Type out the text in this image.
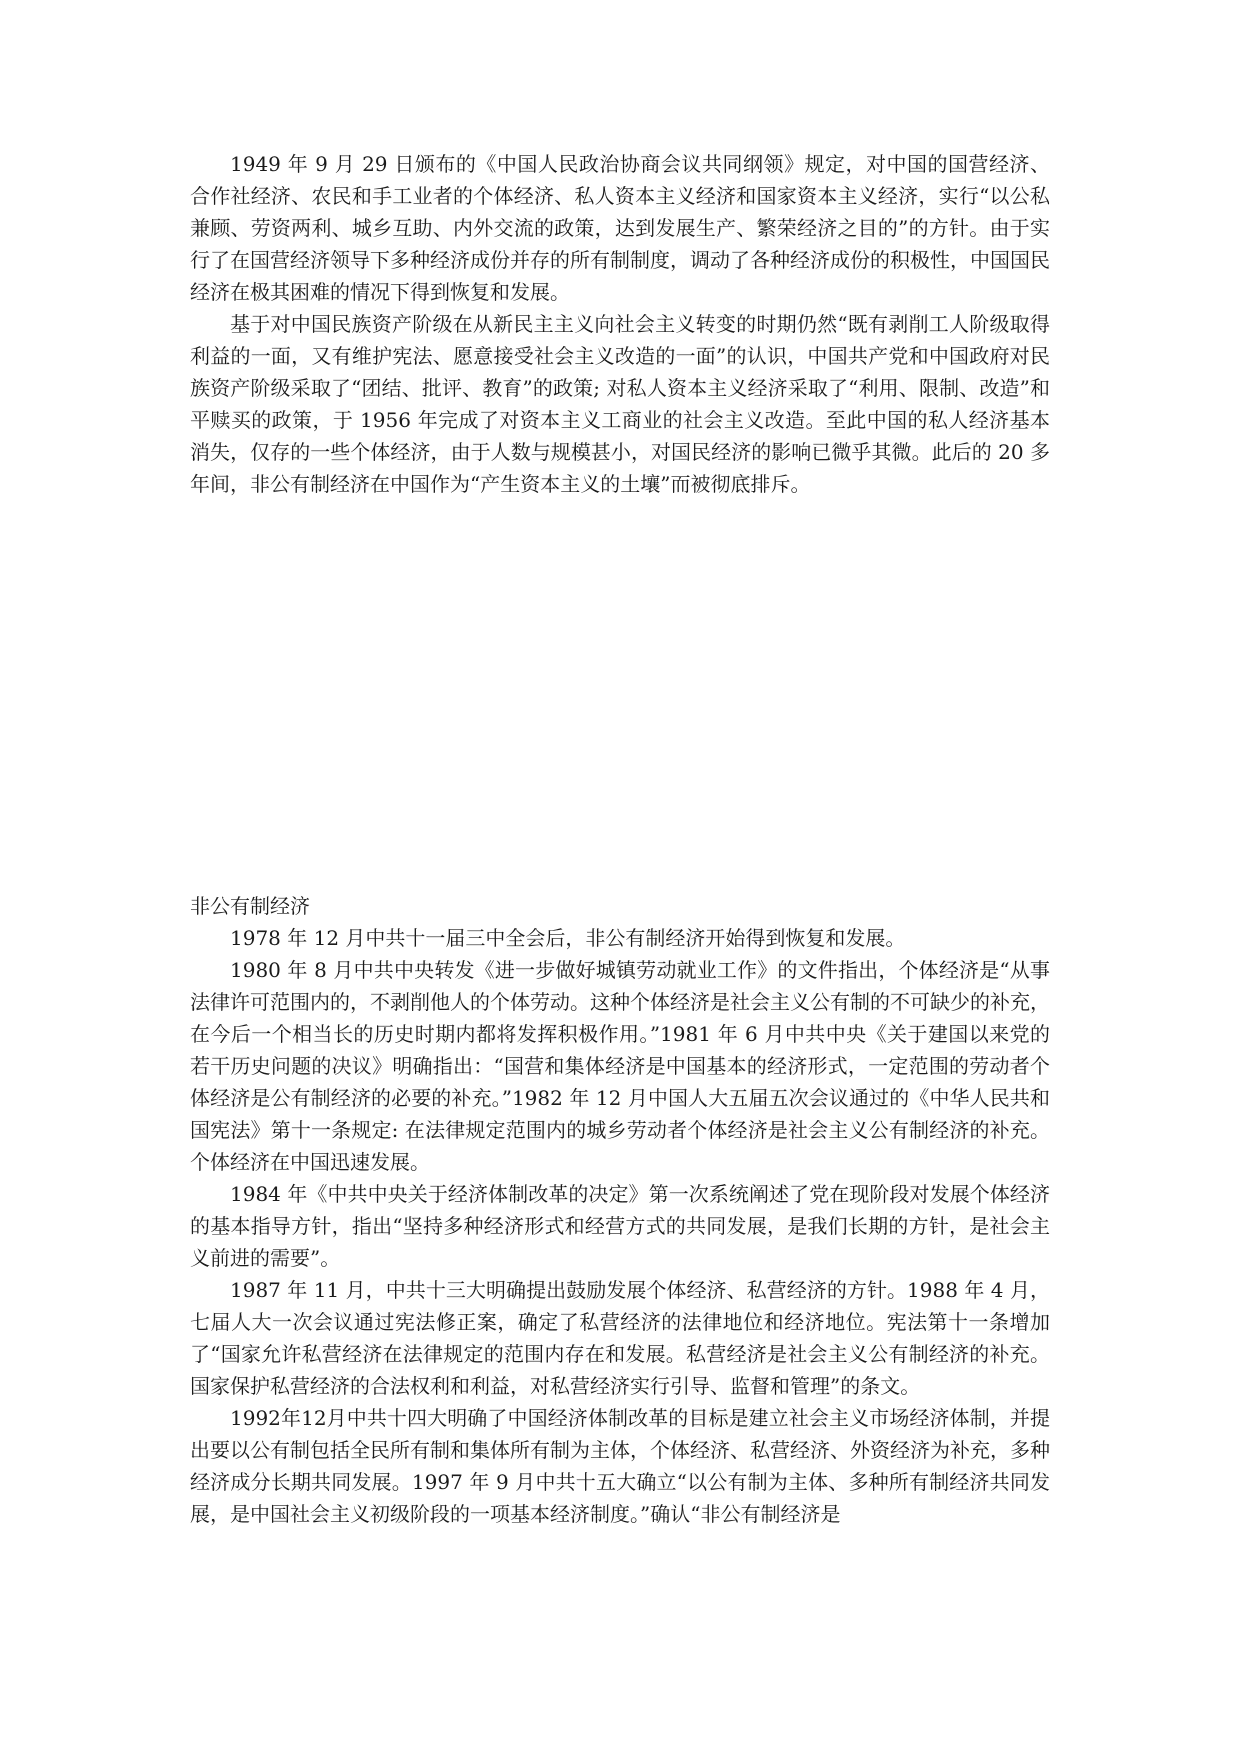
1949 年 9 月 29 日颁布的《中国人民政治协商会议共同纲领》规定，对中国的国营经济、合作社经济、农民和手工业者的个体经济、私人资本主义经济和国家资本主义经济，实行“以公私兼顾、劳资两利、城乡互助、内外交流的政策，达到发展生产、繁荣经济之目的”的方针。由于实行了在国营经济领导下多种经济成份并存的所有制制度，调动了各种经济成份的积极性，中国国民经济在极其困难的情况下得到恢复和发展。

基于对中国民族资产阶级在从新民主主义向社会主义转变的时期仍然“既有剥削工人阶级取得利益的一面，又有维护宪法、愿意接受社会主义改造的一面”的认识，中国共产党和中国政府对民族资产阶级采取了“团结、批评、教育”的政策; 对私人资本主义经济采取了“利用、限制、改造”和平赎买的政策，于 1956 年完成了对资本主义工商业的社会主义改造。至此中国的私人经济基本消失，仅存的一些个体经济，由于人数与规模甚小，对国民经济的影响已微乎其微。此后的 20 多年间，非公有制经济在中国作为“产生资本主义的土壤”而被彻底排斥。

非公有制经济

1978 年 12 月中共十一届三中全会后，非公有制经济开始得到恢复和发展。

1980 年 8 月中共中央转发《进一步做好城镇劳动就业工作》的文件指出，个体经济是“从事法律许可范围内的，不剥削他人的个体劳动。这种个体经济是社会主义公有制的不可缺少的补充，在今后一个相当长的历史时期内都将发挥积极作用。”1981 年 6 月中共中央《关于建国以来党的若干历史问题的决议》明确指出：“国营和集体经济是中国基本的经济形式，一定范围的劳动者个体经济是公有制经济的必要的补充。”1982 年 12 月中国人大五届五次会议通过的《中华人民共和国宪法》第十一条规定: 在法律规定范围内的城乡劳动者个体经济是社会主义公有制经济的补充。个体经济在中国迅速发展。

1984 年《中共中央关于经济体制改革的决定》第一次系统阐述了党在现阶段对发展个体经济的基本指导方针，指出“坚持多种经济形式和经营方式的共同发展，是我们长期的方针，是社会主义前进的需要”。

1987 年 11 月，中共十三大明确提出鼓励发展个体经济、私营经济的方针。1988 年 4 月，七届人大一次会议通过宪法修正案，确定了私营经济的法律地位和经济地位。宪法第十一条增加了“国家允许私营经济在法律规定的范围内存在和发展。私营经济是社会主义公有制经济的补充。国家保护私营经济的合法权利和利益，对私营经济实行引导、监督和管理”的条文。

1992年12月中共十四大明确了中国经济体制改革的目标是建立社会主义市场经济体制，并提出要以公有制包括全民所有制和集体所有制为主体，个体经济、私营经济、外资经济为补充，多种经济成分长期共同发展。1997 年 9 月中共十五大确立“以公有制为主体、多种所有制经济共同发展，是中国社会主义初级阶段的一项基本经济制度。”确认“非公有制经济是
